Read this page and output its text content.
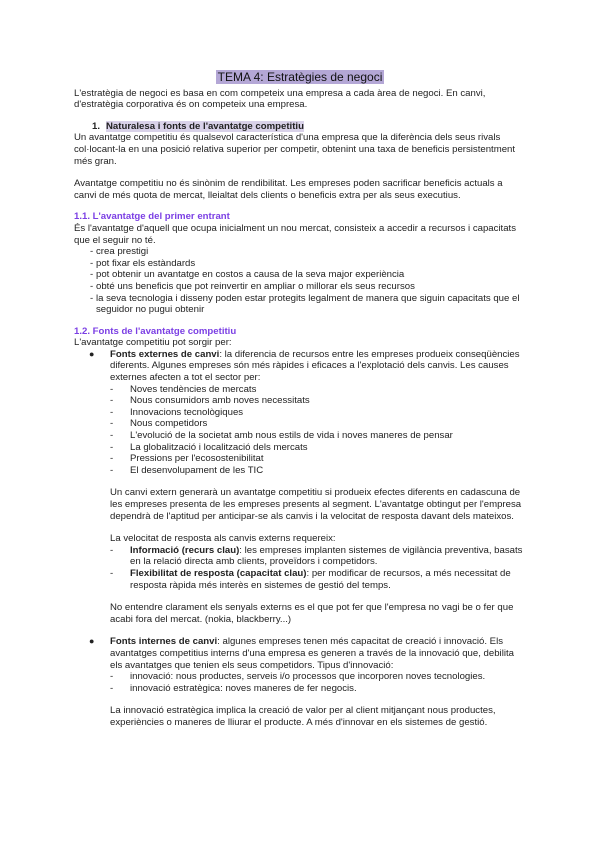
TEMA 4: Estratègies de negoci

L'estratègia de negoci es basa en com competeix una empresa a cada àrea de negoci. En canvi, d'estratègia corporativa és on competeix una empresa.

1. Naturalesa i fonts de l'avantatge competitiu

Un avantatge competitiu és qualsevol característica d'una empresa que la diferència dels seus rivals col·locant-la en una posició relativa superior per competir, obtenint una taxa de beneficis persistentment més gran.

Avantatge competitiu no és sinònim de rendibilitat. Les empreses poden sacrificar beneficis actuals a canvi de més quota de mercat, lleialtat dels clients o beneficis extra per als seus executius.

1.1. L'avantatge del primer entrant

És l'avantatge d'aquell que ocupa inicialment un nou mercat, consisteix a accedir a recursos i capacitats que el seguir no té.

- crea prestigi
- pot fixar els estàndards
- pot obtenir un avantatge en costos a causa de la seva major experiència
- obté uns beneficis que pot reinvertir en ampliar o millorar els seus recursos
- la seva tecnologia i disseny poden estar protegits legalment de manera que siguin capacitats que el seguidor no pugui obtenir
1.2. Fonts de l'avantatge competitiu

L'avantatge competitiu pot sorgir per:

● Fonts externes de canvi: la diferencia de recursos entre les empreses produeix conseqüències diferents. Algunes empreses són més ràpides i eficaces a l'explotació dels canvis. Les causes externes afecten a tot el sector per:

- Noves tendències de mercats
- Nous consumidors amb noves necessitats
- Innovacions tecnològiques
- Nous competidors
- L'evolució de la societat amb nous estils de vida i noves maneres de pensar
- La globalització i localització dels mercats
- Pressions per l'ecosostenibilitat
- El desenvolupament de les TIC

Un canvi extern generarà un avantatge competitiu si produeix efectes diferents en cadascuna de les empreses presenta de les empreses presents al segment. L'avantatge obtingut per l'empresa dependrà de l'aptitud per anticipar-se als canvis i la velocitat de resposta davant dels mateixos.

La velocitat de resposta als canvis externs requereix:

- Informació (recurs clau): les empreses implanten sistemes de vigilància preventiva, basats en la relació directa amb clients, proveïdors i competidors.
- Flexibilitat de resposta (capacitat clau): per modificar de recursos, a més necessitat de resposta ràpida més interès en sistemes de gestió del temps.

No entendre clarament els senyals externs es el que pot fer que l'empresa no vagi be o fer que acabi fora del mercat. (nokia, blackberry...)

● Fonts internes de canvi: algunes empreses tenen més capacitat de creació i innovació. Els avantatges competitius interns d'una empresa es generen a través de la innovació que, debilita els avantatges que tenien els seus competidors. Tipus d'innovació:

- innovació: nous productes, serveis i/o processos que incorporen noves tecnologies.
- innovació estratègica: noves maneres de fer negocis.

La innovació estratègica implica la creació de valor per al client mitjançant nous productes, experiències o maneres de lliurar el producte. A més d'innovar en els sistemes de gestió.
